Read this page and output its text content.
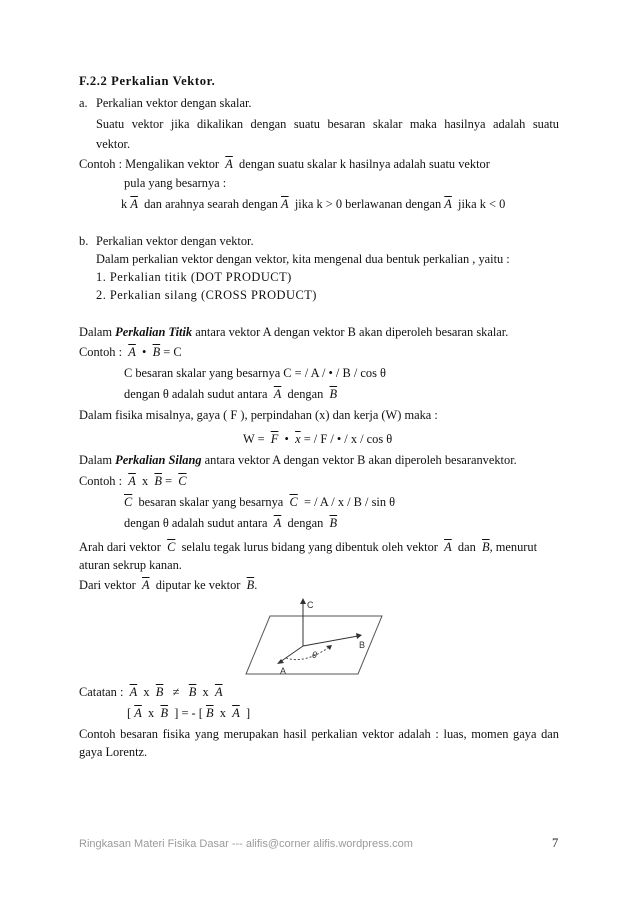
F.2.2 Perkalian Vektor.
a. Perkalian vektor dengan skalar.
Suatu vektor jika dikalikan dengan suatu besaran skalar maka hasilnya adalah suatu
vektor.
Contoh : Mengalikan vektor $\overline{A}$ dengan suatu skalar k hasilnya adalah suatu vektor
pula yang besarnya :
k $\overline{A}$ dan arahnya searah dengan $\overline{A}$ jika k > 0 berlawanan dengan $\overline{A}$ jika k < 0
b. Perkalian vektor dengan vektor.
Dalam perkalian vektor dengan vektor, kita mengenal dua bentuk perkalian , yaitu :
1. Perkalian titik (DOT PRODUCT)
2. Perkalian silang (CROSS PRODUCT)
Dalam Perkalian Titik antara vektor A dengan vektor B akan diperoleh besaran skalar.
Contoh : $\overline{A}$ • $\overline{B} = C$
C besaran skalar yang besarnya C = / A / • / B / cos θ
dengan θ adalah sudut antara $\overline{A}$ dengan $\overline{B}$
Dalam fisika misalnya, gaya ( F ), perpindahan (x) dan kerja (W) maka :
$W = \overline{F}$ • $\overline{x}$ = / F / • / x / cos θ
Dalam Perkalian Silang antara vektor A dengan vektor B akan diperoleh besaranvektor.
Contoh : $\overline{A}$ x $\overline{B} = \overline{C}$
$\overline{C}$ besaran skalar yang besarnya $\overline{C}$ = / A / x / B / sin θ
dengan θ adalah sudut antara $\overline{A}$ dengan $\overline{B}$
Arah dari vektor $\overline{C}$ selalu tegak lurus bidang yang dibentuk oleh vektor $\overline{A}$ dan $\overline{B}$, menurut
aturan sekrup kanan.
Dari vektor $\overline{A}$ diputar ke vektor $\overline{B}$.
C
B
A
θ
Catatan : $\overline{A}$ x $\overline{B} \ne \overline{B}$ x $\overline{A}$
[ $\overline{A}$ x $\overline{B}$ ] = - [ $\overline{B}$ x $\overline{A}$ ]
Contoh besaran fisika yang merupakan hasil perkalian vektor adalah : luas, momen gaya dan
gaya Lorentz.
Ringkasan Materi Fisika Dasar --- alifis@corner alifis.wordpress.com	7
